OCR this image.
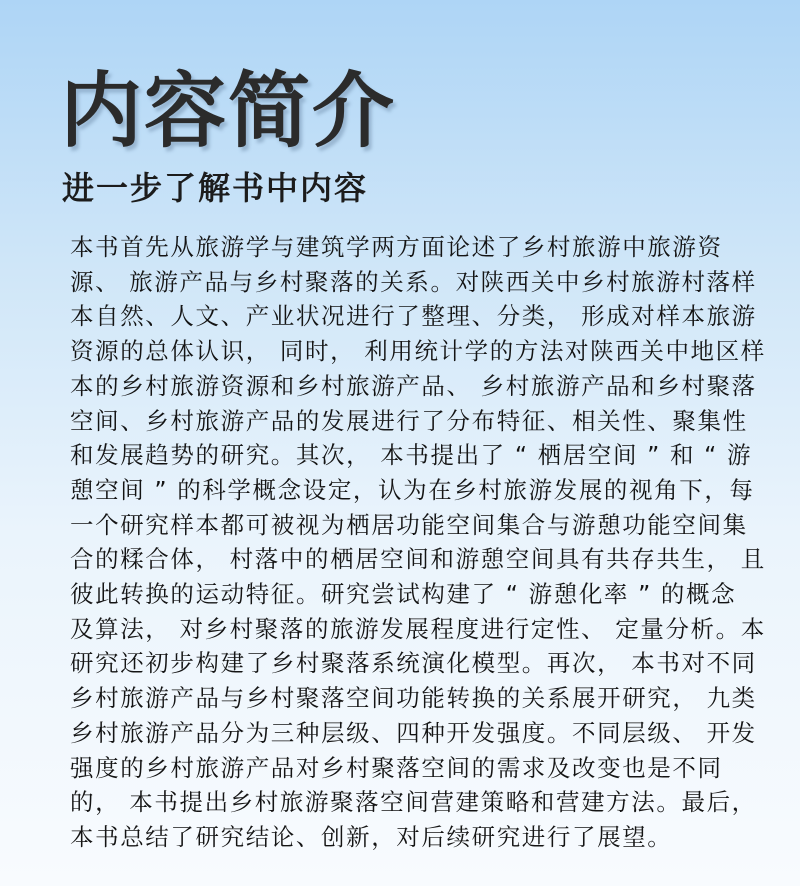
内容简介
进一步了解书中内容
本书首先从旅游学与建筑学两方面论述了乡村旅游中旅游资
源、 旅游产品与乡村聚落的关系。对陕西关中乡村旅游村落样
本自然、人文、产业状况进行了整理、分类， 形成对样本旅游
资源的总体认识， 同时， 利用统计学的方法对陕西关中地区样
本的乡村旅游资源和乡村旅游产品、 乡村旅游产品和乡村聚落
空间、乡村旅游产品的发展进行了分布特征、相关性、聚集性
和发展趋势的研究。其次， 本书提出了 “ 栖居空间 ” 和 “ 游
憩空间 ” 的科学概念设定，认为在乡村旅游发展的视角下，每
一个研究样本都可被视为栖居功能空间集合与游憩功能空间集
合的糅合体， 村落中的栖居空间和游憩空间具有共存共生， 且
彼此转换的运动特征。研究尝试构建了 “ 游憩化率 ” 的概念
及算法， 对乡村聚落的旅游发展程度进行定性、 定量分析。本
研究还初步构建了乡村聚落系统演化模型。再次， 本书对不同
乡村旅游产品与乡村聚落空间功能转换的关系展开研究， 九类
乡村旅游产品分为三种层级、四种开发强度。不同层级、 开发
强度的乡村旅游产品对乡村聚落空间的需求及改变也是不同
的， 本书提出乡村旅游聚落空间营建策略和营建方法。最后，
本书总结了研究结论、创新，对后续研究进行了展望。
